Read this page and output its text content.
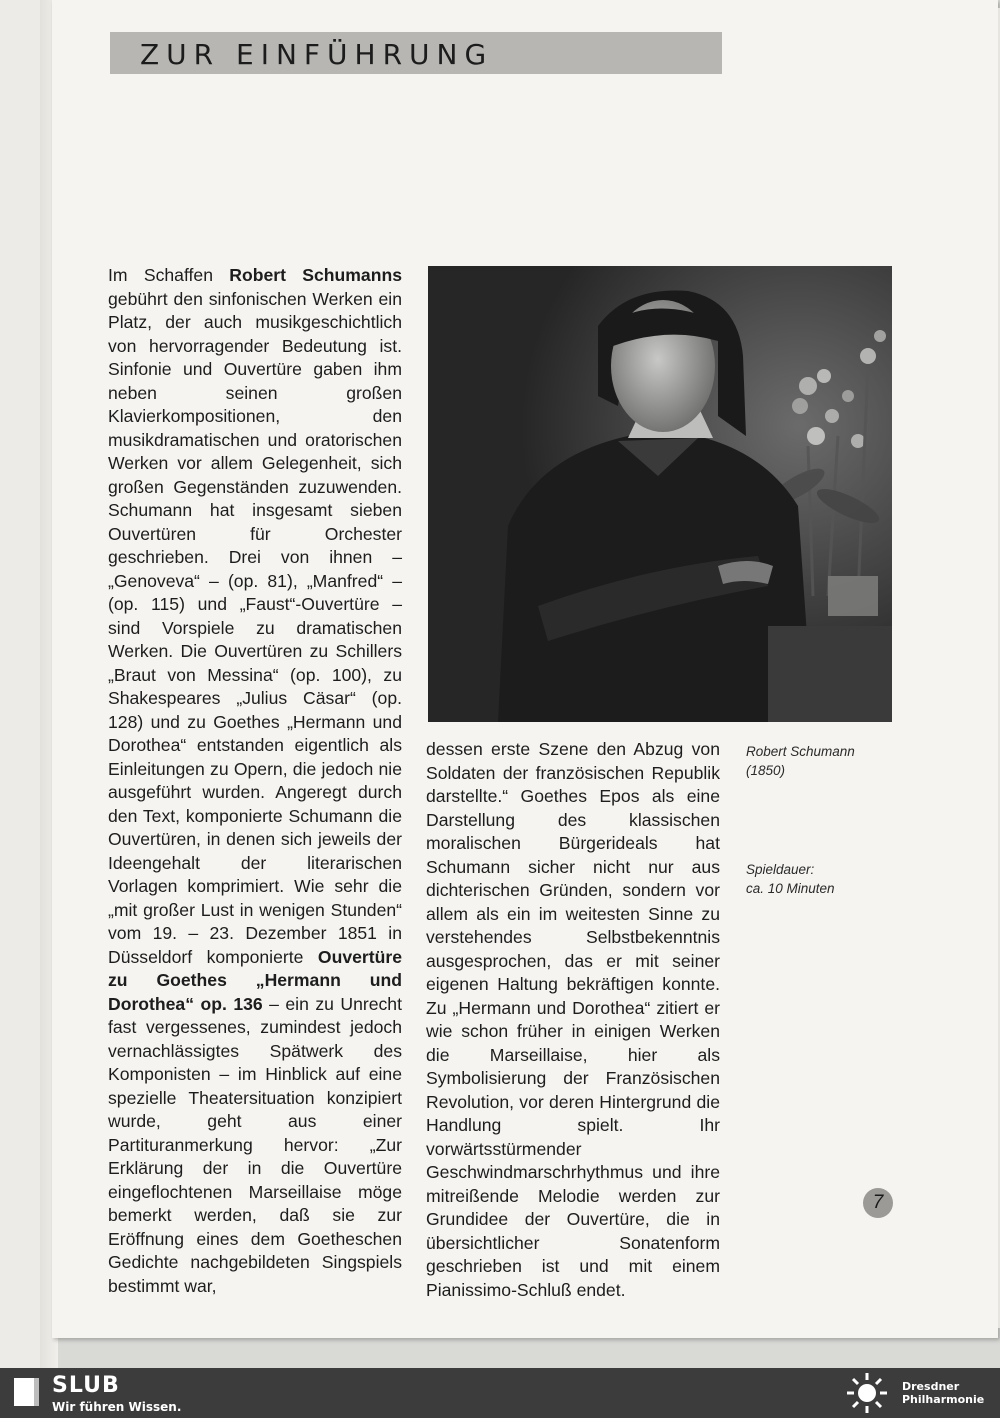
ZUR EINFÜHRUNG

Im Schaffen Robert Schumanns gebührt den sinfonischen Werken ein Platz, der auch musikgeschichtlich von hervorragender Bedeutung ist. Sinfonie und Ouvertüre gaben ihm neben seinen großen Klavierkompositionen, den musikdramatischen und oratorischen Werken vor allem Gelegenheit, sich großen Gegenständen zuzuwenden. Schumann hat insgesamt sieben Ouvertüren für Orchester geschrieben. Drei von ihnen – „Genoveva“ – (op. 81), „Manfred“ – (op. 115) und „Faust“-Ouvertüre – sind Vorspiele zu dramatischen Werken. Die Ouvertüren zu Schillers „Braut von Messina“ (op. 100), zu Shakespeares „Julius Cäsar“ (op. 128) und zu Goethes „Hermann und Dorothea“ entstanden eigentlich als Einleitungen zu Opern, die jedoch nie ausgeführt wurden. Angeregt durch den Text, komponierte Schumann die Ouvertüren, in denen sich jeweils der Ideengehalt der literarischen Vorlagen komprimiert. Wie sehr die „mit großer Lust in wenigen Stunden“ vom 19. – 23. Dezember 1851 in Düsseldorf komponierte Ouvertüre zu Goethes „Hermann und Dorothea“ op. 136 – ein zu Unrecht fast vergessenes, zumindest jedoch vernachlässigtes Spätwerk des Komponisten – im Hinblick auf eine spezielle Theatersituation konzipiert wurde, geht aus einer Partituranmerkung hervor: „Zur Erklärung der in die Ouvertüre eingeflochtenen Marseillaise möge bemerkt werden, daß sie zur Eröffnung eines dem Goetheschen Gedichte nachgebildeten Singspiels bestimmt war,

dessen erste Szene den Abzug von Soldaten der französischen Republik darstellte.“ Goethes Epos als eine Darstellung des klassischen moralischen Bürgerideals hat Schumann sicher nicht nur aus dichterischen Gründen, sondern vor allem als ein im weitesten Sinne zu verstehendes Selbstbekenntnis ausgesprochen, das er mit seiner eigenen Haltung bekräftigen konnte. Zu „Hermann und Dorothea“ zitiert er wie schon früher in einigen Werken die Marseillaise, hier als Symbolisierung der Französischen Revolution, vor deren Hintergrund die Handlung spielt. Ihr vorwärtsstürmender Geschwindmarschrhythmus und ihre mitreißende Melodie werden zur Grundidee der Ouvertüre, die in übersichtlicher Sonatenform geschrieben ist und mit einem Pianissimo-Schluß endet.

Robert Schumann
(1850)
Spieldauer:
ca. 10 Minuten
7
SLUB
Wir führen Wissen.
Dresdner
Philharmonie
